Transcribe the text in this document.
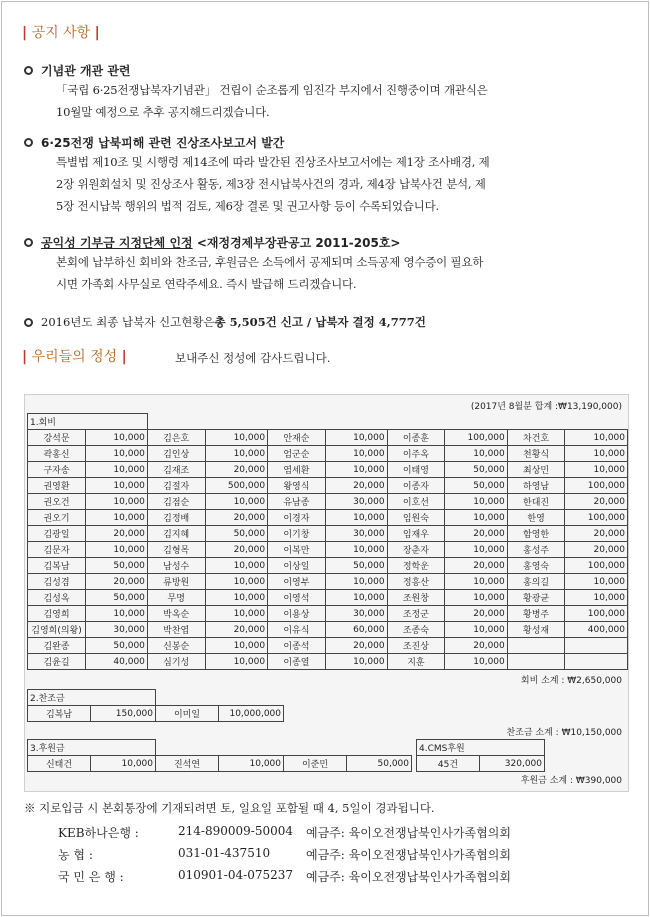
| 공지 사항 |
기념관 개관 관련
「국립 6·25전쟁납북자기념관」 건립이 순조롭게 임진각 부지에서 진행중이며 개관식은
10월말 예정으로 추후 공지해드리겠습니다.
6·25전쟁 납북피해 관련 진상조사보고서 발간
특별법 제10조 및 시행령 제14조에 따라 발간된 진상조사보고서에는 제1장 조사배경, 제
2장 위원회설치 및 진상조사 활동, 제3장 전시납북사건의 경과, 제4장 납북사건 분석, 제
5장 전시납북 행위의 법적 검토, 제6장 결론 및 권고사항 등이 수록되었습니다.
공익성 기부금 지정단체 인정
<재정경제부장관공고 2011-205호>
본회에 납부하신 회비와 찬조금, 후원금은 소득에서 공제되며 소득공제 영수증이 필요하
시면 가족회 사무실로 연락주세요. 즉시 발급해 드리겠습니다.
2016년도 최종 납북자 신고현황은 총 5,505건 신고 / 납북자 결정 4,777건
| 우리들의 정성 |	보내주신 정성에 감사드립니다.
(2017년 8월분 합계 :₩13,190,000)
1.회비									
강석문	10,000	김은호	10,000	안재순	10,000	이종훈	100,000	차건호	10,000
곽홍신	10,000	김인상	10,000	엄군순	10,000	이주옥	10,000	천황식	10,000
구자송	10,000	김재조	20,000	염세환	10,000	이태영	50,000	최상민	10,000
권영환	10,000	김절자	500,000	왕영식	20,000	이종자	50,000	하영남	100,000
권오건	10,000	김점순	10,000	유남종	30,000	이호선	10,000	한대진	20,000
권오기	10,000	김정배	20,000	이경자	10,000	임원숙	10,000	한영	100,000
김광일	20,000	김지혜	50,000	이기창	30,000	임재우	20,000	함영한	20,000
김문자	10,000	김형목	20,000	이복만	10,000	장춘자	10,000	홍성주	20,000
김복남	50,000	남성수	10,000	이상일	50,000	정학운	20,000	홍영숙	100,000
김성겸	20,000	류방원	10,000	이영부	10,000	정흥산	10,000	홍의길	10,000
김성옥	50,000	무명	10,000	이영석	10,000	조원창	10,000	황광균	10,000
김영희	10,000	박옥순	10,000	이용상	30,000	조정군	20,000	황병주	100,000
김영희(의왕)	30,000	박찬엽	20,000	이유식	60,000	조종숙	10,000	황성재	400,000
김완종	50,000	신봉순	10,000	이종석	20,000	조진상	20,000		
김윤길	40,000	심기성	10,000	이종열	10,000	지훈	10,000		
회비 소계 : ₩2,650,000
2.찬조금			
김복남	150,000	이미일	10,000,000
찬조금 소계 : ₩10,150,000
3.후원금							4.CMS후원	
신태건	10,000	진석연	10,000	이준민	50,000		45건	320,000
후원금 소계 : ₩390,000
※ 지로입금 시 본회통장에 기재되려면 토, 일요일 포함될 때 4, 5일이 경과됩니다.
KEB하나은행 :	214-890009-50004 예금주: 육이오전쟁납북인사가족협의회
농 협 :	031-01-437510	예금주: 육이오전쟁납북인사가족협의회
국 민 은 행 :	010901-04-075237 예금주: 육이오전쟁납북인사가족협의회
